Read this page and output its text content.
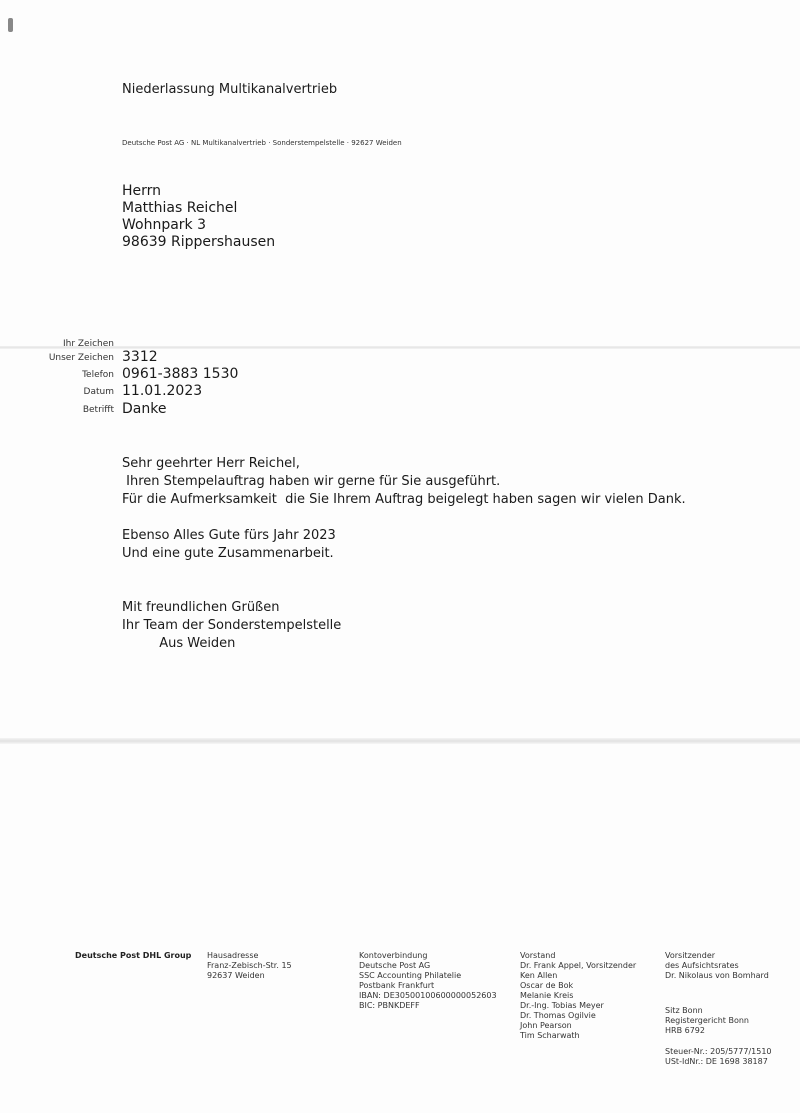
Niederlassung Multikanalvertrieb
Deutsche Post AG · NL Multikanalvertrieb · Sonderstempelstelle · 92627 Weiden
Herrn
Matthias Reichel
Wohnpark 3
98639 Rippershausen
Ihr Zeichen
Unser Zeichen 3312
Telefon 0961-3883 1530
Datum 11.01.2023
Betrifft Danke
Sehr geehrter Herr Reichel,
Ihren Stempelauftrag haben wir gerne für Sie ausgeführt.
Für die Aufmerksamkeit  die Sie Ihrem Auftrag beigelegt haben sagen wir vielen Dank.
Ebenso Alles Gute fürs Jahr 2023
Und eine gute Zusammenarbeit.
Mit freundlichen Grüßen
Ihr Team der Sonderstempelstelle
Aus Weiden
Deutsche Post DHL Group Hausadresse
Franz-Zebisch-Str. 15
92637 Weiden
Kontoverbindung
Deutsche Post AG
SSC Accounting Philatelie
Postbank Frankfurt
IBAN: DE30500100600000052603
BIC: PBNKDEFF
Vorstand
Dr. Frank Appel, Vorsitzender
Ken Allen
Oscar de Bok
Melanie Kreis
Dr.-Ing. Tobias Meyer
Dr. Thomas Ogilvie
John Pearson
Tim Scharwath
Vorsitzender
des Aufsichtsrates
Dr. Nikolaus von Bomhard
Sitz Bonn
Registergericht Bonn
HRB 6792
Steuer-Nr.: 205/5777/1510
USt-IdNr.: DE 1698 38187
